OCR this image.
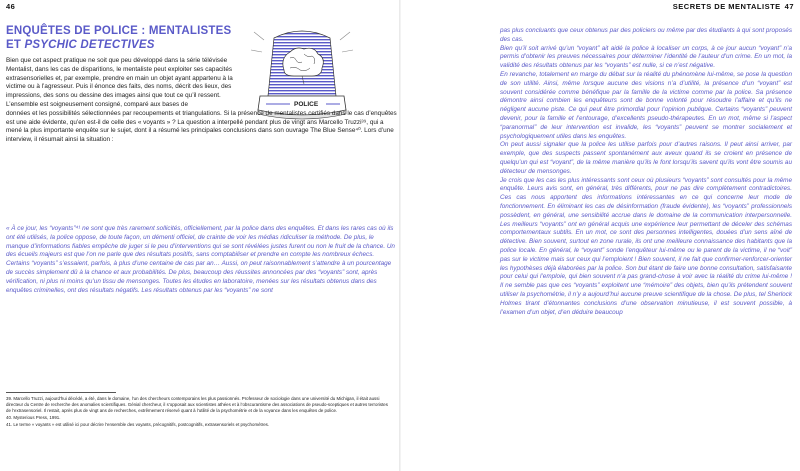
46
ENQUÊTES DE POLICE : MENTALISTES
ET PSYCHIC DETECTIVES
POLICE

Bien que cet aspect pratique ne soit que peu développé dans la série télévisée Mentalist, dans les cas de disparitions, le mentaliste peut exploiter ses capacités extrasensorielles et, par exemple, prendre en main un objet ayant appartenu à la victime ou à l’agresseur. Puis il énonce des faits, des noms, décrit des lieux, des impressions, des sons ou dessine des images ainsi que tout ce qu’il ressent. L’ensemble est soigneusement consigné, comparé aux bases de

données et les possibilités sélectionnées par recoupements et triangulations. Si la présence de mentalistes certifiés dans le cas d’enquêtes est une aide évidente, qu’en est-il de celle des « voyants » ? La question a interpellé pendant plus de vingt ans Marcello Truzzi³⁹, qui a mené la plus importante enquête sur le sujet, dont il a résumé les principales conclusions dans son ouvrage The Blue Sense⁴⁰. Lors d’une interview, il résumait ainsi la situation :

« À ce jour, les “voyants”⁴¹ ne sont que très rarement sollicités, officiellement, par la police dans des enquêtes. Et dans les rares cas où ils ont été utilisés, la police oppose, de toute façon, un démenti officiel, de crainte de voir les médias ridiculiser la méthode. De plus, le manque d’informations fiables empêche de juger si le peu d’interventions qui se sont révélées justes furent ou non le fruit de la chance. Un des écueils majeurs est que l’on ne parle que des résultats positifs, sans comptabiliser et prendre en compte les nombreux échecs. Certains “voyants” s’essaient, parfois, à plus d’une centaine de cas par an… Aussi, on peut raisonnablement s’attendre à un pourcentage de succès simplement dû à la chance et aux probabilités. De plus, beaucoup des réussites annoncées par des “voyants” sont, après vérification, ni plus ni moins qu’un tissu de mensonges. Toutes les études en laboratoire, menées sur les résultats obtenus dans des enquêtes criminelles, ont des résultats négatifs. Les résultats obtenus par les “voyants” ne sont

39. Marcello Truzzi, aujourd’hui décédé, a été, dans le domaine, l’un des chercheurs contemporains les plus passionnés. Professeur de sociologie dans une université du Michigan, il était aussi directeur du Centre de recherche des anomalies scientifiques. Génial chercheur, il s’opposait aux scientistes athées et à l’obscurantisme des associations de pseudo-sceptiques et autres terroristes de l’extrasensoriel. Il restait, après plus de vingt ans de recherches, extrêmement réservé quant à l’utilité de la psychométrie et de la voyance dans les enquêtes de police.

40. Mysterious Press, 1991.

41. Le terme « voyants » est utilisé ici pour décrire l’ensemble des voyants, précognitifs, postcognitifs, extrasensoriels et psychométres.

SECRETS DE MENTALISTE 47

pas plus concluants que ceux obtenus par des policiers ou même par des étudiants à qui sont proposés des cas.

Bien qu’il soit arrivé qu’un “voyant” ait aidé la police à localiser un corps, à ce jour aucun “voyant” n’a permis d’obtenir les preuves nécessaires pour déterminer l’identité de l’auteur d’un crime. En un mot, la validité des résultats obtenus par les “voyants” est nulle, si ce n’est négative.

En revanche, totalement en marge du débat sur la réalité du phénomène lui-même, se pose la question de son utilité. Ainsi, même lorsque aucune des visions n’a d’utilité, la présence d’un “voyant” est souvent considérée comme bénéfique par la famille de la victime comme par la police. Sa présence démontre ainsi combien les enquêteurs sont de bonne volonté pour résoudre l’affaire et qu’ils ne négligent aucune piste. Ce qui peut être primordial pour l’opinion publique. Certains “voyants” peuvent devenir, pour la famille et l’entourage, d’excellents pseudo-thérapeutes. En un mot, même si l’aspect “paranormal” de leur intervention est invalide, les “voyants” peuvent se montrer socialement et psychologiquement utiles dans les enquêtes.

On peut aussi signaler que la police les utilise parfois pour d’autres raisons. Il peut ainsi arriver, par exemple, que des suspects passent spontanément aux aveux quand ils se croient en présence de quelqu’un qui est “voyant”, de la même manière qu’ils le font lorsqu’ils savent qu’ils vont être soumis au détecteur de mensonges.

Je crois que les cas les plus intéressants sont ceux où plusieurs “voyants” sont consultés pour la même enquête. Leurs avis sont, en général, très différents, pour ne pas dire complètement contradictoires. Ces cas nous apportent des informations intéressantes en ce qui concerne leur mode de fonctionnement. En éliminant les cas de désinformation (fraude évidente), les “voyants” professionnels possèdent, en général, une sensibilité accrue dans le domaine de la communication interpersonnelle. Les meilleurs “voyants” ont en général acquis une expérience leur permettant de déceler des schémas comportementaux subtils. En un mot, ce sont des personnes intelligentes, douées d’un sens aîné de détective. Bien souvent, surtout en zone rurale, ils ont une meilleure connaissance des habitants que la police locale. En général, le “voyant” sonde l’enquêteur lui-même ou le parent de la victime, il ne “voit” pas sur le victime mais sur ceux qui l’emploient ! Bien souvent, il ne fait que confirmer-renforcer-orienter les hypothèses déjà élaborées par la police. Son but étant de faire une bonne consultation, satisfaisante pour celui qui l’emploie, qui bien souvent n’a pas grand-chose à voir avec la réalité du crime lui-même ! Il ne semble pas que ces “voyants” exploitent une “mémoire” des objets, bien qu’ils prétendent souvent utiliser la psychométrie, il n’y a aujourd’hui aucune preuve scientifique de la chose. De plus, tel Sherlock Holmes tirant d’étonnantes conclusions d’une observation minutieuse, il est souvent possible, à l’examen d’un objet, d’en déduire beaucoup
